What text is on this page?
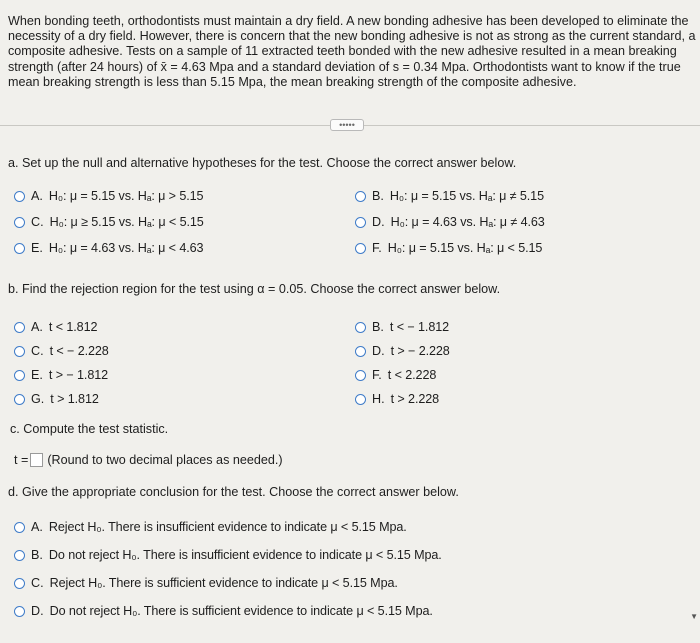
When bonding teeth, orthodontists must maintain a dry field. A new bonding adhesive has been developed to eliminate the
necessity of a dry field. However, there is concern that the new bonding adhesive is not as strong as the current standard, a
composite adhesive. Tests on a sample of 11 extracted teeth bonded with the new adhesive resulted in a mean breaking
strength (after 24 hours) of x̄ = 4.63 Mpa and a standard deviation of s = 0.34 Mpa. Orthodontists want to know if the true
mean breaking strength is less than 5.15 Mpa, the mean breaking strength of the composite adhesive.
•••••
a. Set up the null and alternative hypotheses for the test. Choose the correct answer below.
A. H₀: μ = 5.15 vs. Hₐ: μ > 5.15	B. H₀: μ = 5.15 vs. Hₐ: μ ≠ 5.15
C. H₀: μ ≥ 5.15 vs. Hₐ: μ < 5.15	D. H₀: μ = 4.63 vs. Hₐ: μ ≠ 4.63
E. H₀: μ = 4.63 vs. Hₐ: μ < 4.63	F. H₀: μ = 5.15 vs. Hₐ: μ < 5.15
b. Find the rejection region for the test using α = 0.05. Choose the correct answer below.
A. t < 1.812	B. t < − 1.812
C. t < − 2.228	D. t > − 2.228
E. t > − 1.812	F. t < 2.228
G. t > 1.812	H. t > 2.228
c. Compute the test statistic.
t = (Round to two decimal places as needed.)
d. Give the appropriate conclusion for the test. Choose the correct answer below.
A. Reject H₀. There is insufficient evidence to indicate μ < 5.15 Mpa.
B. Do not reject H₀. There is insufficient evidence to indicate μ < 5.15 Mpa.
C. Reject H₀. There is sufficient evidence to indicate μ < 5.15 Mpa.
D. Do not reject H₀. There is sufficient evidence to indicate μ < 5.15 Mpa.	▼
